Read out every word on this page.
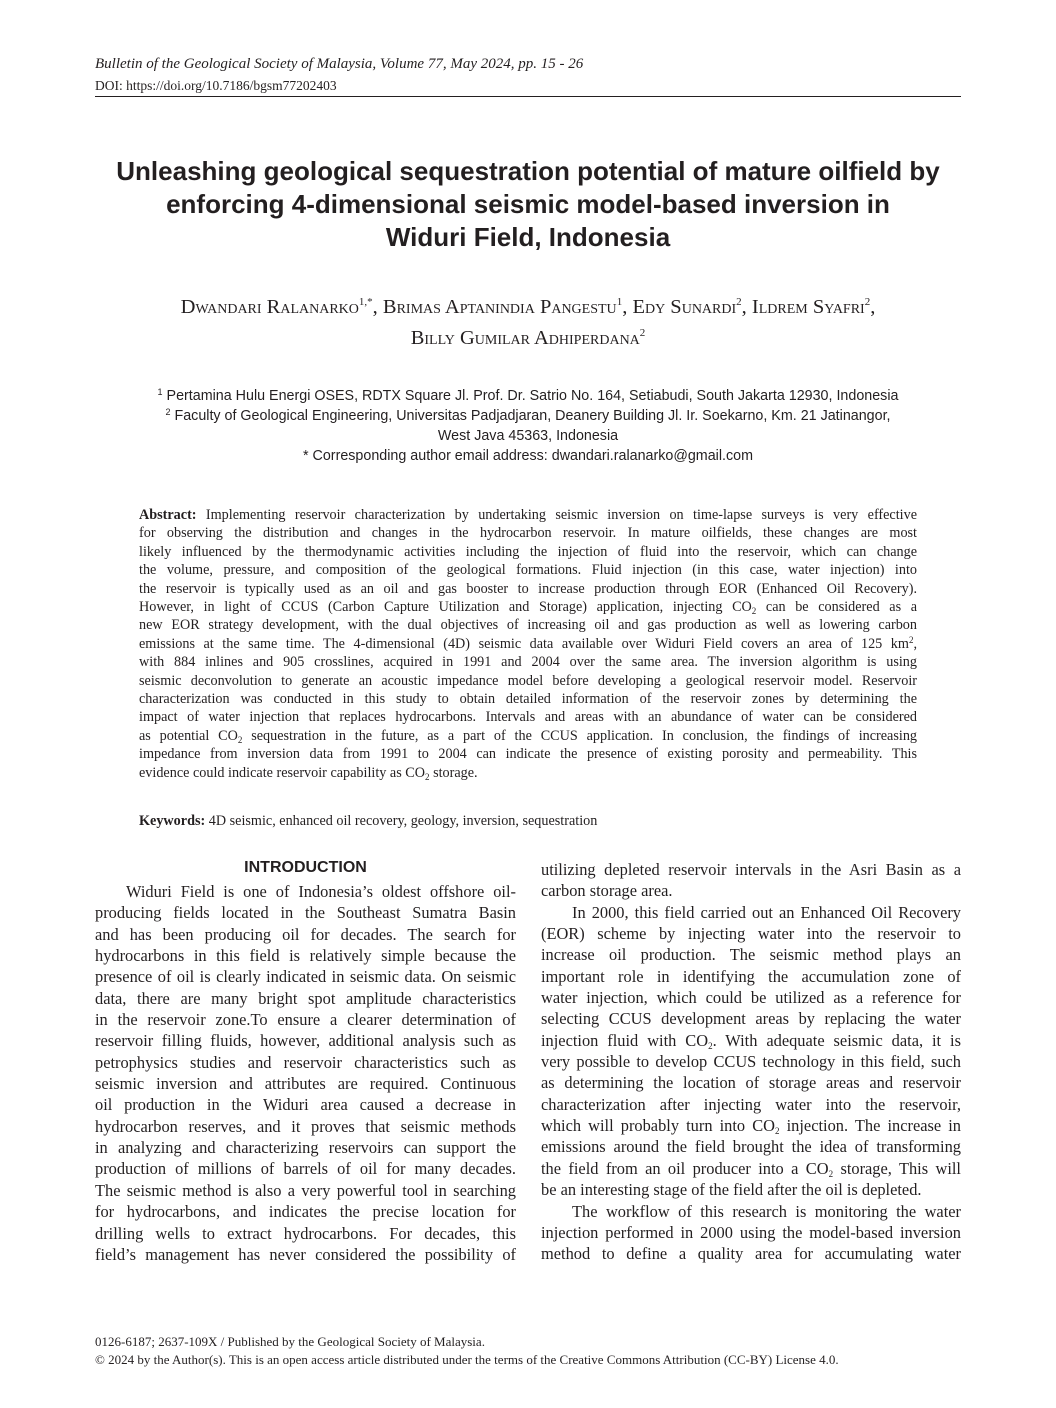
Bulletin of the Geological Society of Malaysia, Volume 77, May 2024, pp. 15 - 26
DOI: https://doi.org/10.7186/bgsm77202403
Unleashing geological sequestration potential of mature oilfield by
enforcing 4-dimensional seismic model-based inversion in
Widuri Field, Indonesia
Dwandari Ralanarko$^{1,*}$, Brimas Aptanindia Pangestu$^1$, Edy Sunardi$^2$, Ildrem Syafri$^2$,
Billy Gumilar Adhiperdana$^2$
$^1$ Pertamina Hulu Energi OSES, RDTX Square Jl. Prof. Dr. Satrio No. 164, Setiabudi, South Jakarta 12930, Indonesia
$^2$ Faculty of Geological Engineering, Universitas Padjadjaran, Deanery Building Jl. Ir. Soekarno, Km. 21 Jatinangor,
West Java 45363, Indonesia
* Corresponding author email address: dwandari.ralanarko@gmail.com
Abstract: Implementing reservoir characterization by undertaking seismic inversion on time-lapse surveys is very effective
for observing the distribution and changes in the hydrocarbon reservoir. In mature oilfields, these changes are most
likely influenced by the thermodynamic activities including the injection of fluid into the reservoir, which can change
the volume, pressure, and composition of the geological formations. Fluid injection (in this case, water injection) into
the reservoir is typically used as an oil and gas booster to increase production through EOR (Enhanced Oil Recovery).
However, in light of CCUS (Carbon Capture Utilization and Storage) application, injecting $CO_2$ can be considered as a
new EOR strategy development, with the dual objectives of increasing oil and gas production as well as lowering carbon
emissions at the same time. The 4-dimensional (4D) seismic data available over Widuri Field covers an area of 125 $km^2$,
with 884 inlines and 905 crosslines, acquired in 1991 and 2004 over the same area. The inversion algorithm is using
seismic deconvolution to generate an acoustic impedance model before developing a geological reservoir model. Reservoir
characterization was conducted in this study to obtain detailed information of the reservoir zones by determining the
impact of water injection that replaces hydrocarbons. Intervals and areas with an abundance of water can be considered
as potential $CO_2$ sequestration in the future, as a part of the CCUS application. In conclusion, the findings of increasing
impedance from inversion data from 1991 to 2004 can indicate the presence of existing porosity and permeability. This
evidence could indicate reservoir capability as $CO_2$ storage.
Keywords: 4D seismic, enhanced oil recovery, geology, inversion, sequestration
INTRODUCTION
Widuri Field is one of Indonesia’s oldest offshore oil-
producing fields located in the Southeast Sumatra Basin
and has been producing oil for decades. The search for
hydrocarbons in this field is relatively simple because the
presence of oil is clearly indicated in seismic data. On seismic
data, there are many bright spot amplitude characteristics
in the reservoir zone.To ensure a clearer determination of
reservoir filling fluids, however, additional analysis such as
petrophysics studies and reservoir characteristics such as
seismic inversion and attributes are required. Continuous
oil production in the Widuri area caused a decrease in
hydrocarbon reserves, and it proves that seismic methods
in analyzing and characterizing reservoirs can support the
production of millions of barrels of oil for many decades.
The seismic method is also a very powerful tool in searching
for hydrocarbons, and indicates the precise location for
drilling wells to extract hydrocarbons. For decades, this
field’s management has never considered the possibility of
utilizing depleted reservoir intervals in the Asri Basin as a
carbon storage area.
In 2000, this field carried out an Enhanced Oil Recovery
(EOR) scheme by injecting water into the reservoir to
increase oil production. The seismic method plays an
important role in identifying the accumulation zone of
water injection, which could be utilized as a reference for
selecting CCUS development areas by replacing the water
injection fluid with $CO_2$. With adequate seismic data, it is
very possible to develop CCUS technology in this field, such
as determining the location of storage areas and reservoir
characterization after injecting water into the reservoir,
which will probably turn into $CO_2$ injection. The increase in
emissions around the field brought the idea of transforming
the field from an oil producer into a $CO_2$ storage, This will
be an interesting stage of the field after the oil is depleted.
The workflow of this research is monitoring the water
injection performed in 2000 using the model-based inversion
method to define a quality area for accumulating water
0126-6187; 2637-109X / Published by the Geological Society of Malaysia.
© 2024 by the Author(s). This is an open access article distributed under the terms of the Creative Commons Attribution (CC-BY) License 4.0.
